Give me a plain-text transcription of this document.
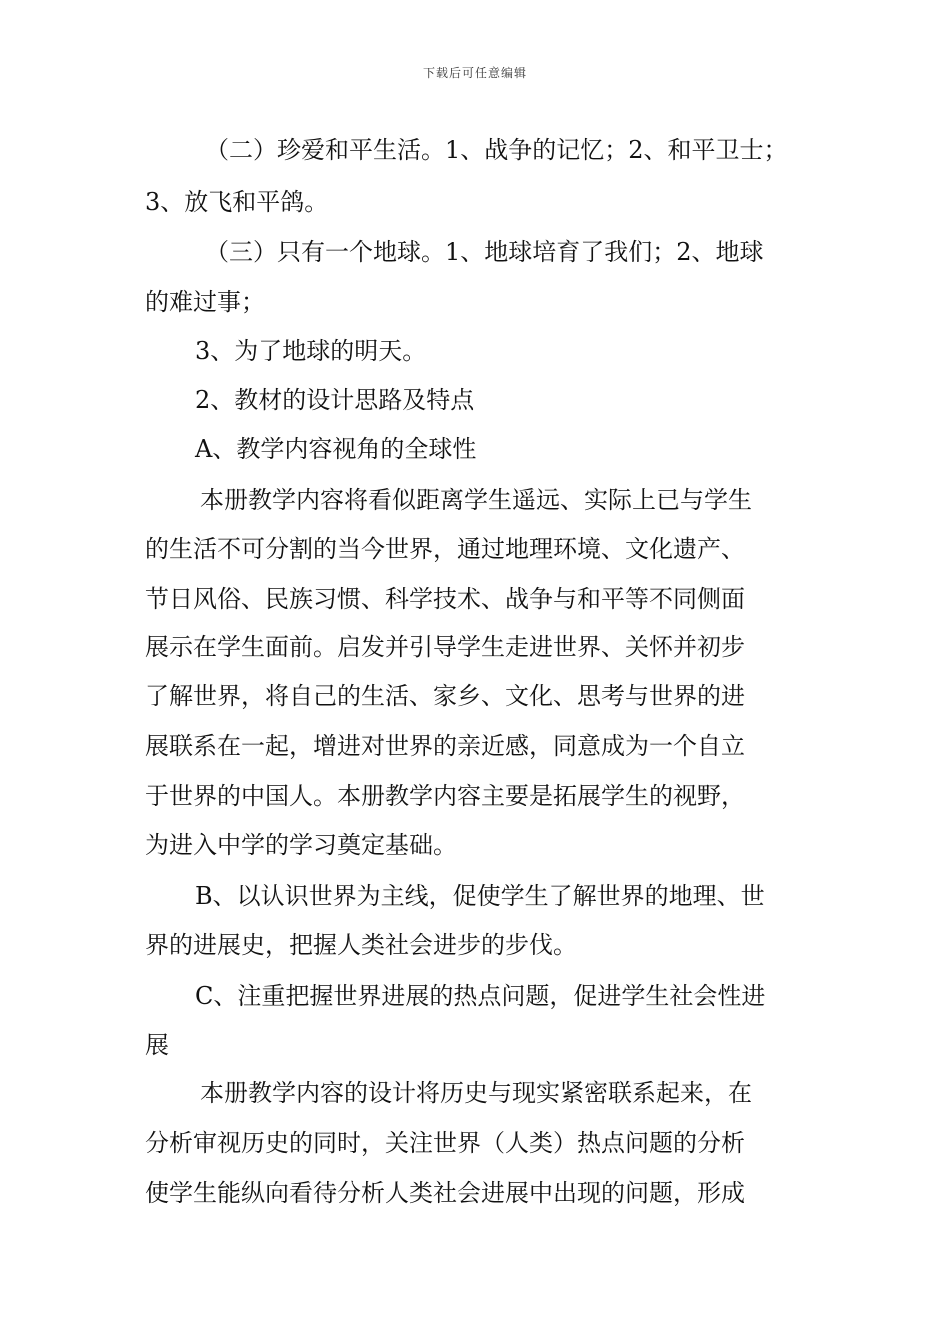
下载后可任意编辑
（二）珍爱和平生活。1、战争的记忆；2、和平卫士；
3、放飞和平鸽。
（三）只有一个地球。1、地球培育了我们；2、地球
的难过事；
3、为了地球的明天。
2、教材的设计思路及特点
A、教学内容视角的全球性
本册教学内容将看似距离学生遥远、实际上已与学生
的生活不可分割的当今世界，通过地理环境、文化遗产、
节日风俗、民族习惯、科学技术、战争与和平等不同侧面
展示在学生面前。启发并引导学生走进世界、关怀并初步
了解世界，将自己的生活、家乡、文化、思考与世界的进
展联系在一起，增进对世界的亲近感，同意成为一个自立
于世界的中国人。本册教学内容主要是拓展学生的视野，
为进入中学的学习奠定基础。
B、以认识世界为主线，促使学生了解世界的地理、世
界的进展史，把握人类社会进步的步伐。
C、注重把握世界进展的热点问题，促进学生社会性进
展
本册教学内容的设计将历史与现实紧密联系起来，在
分析审视历史的同时，关注世界（人类）热点问题的分析
使学生能纵向看待分析人类社会进展中出现的问题，形成
